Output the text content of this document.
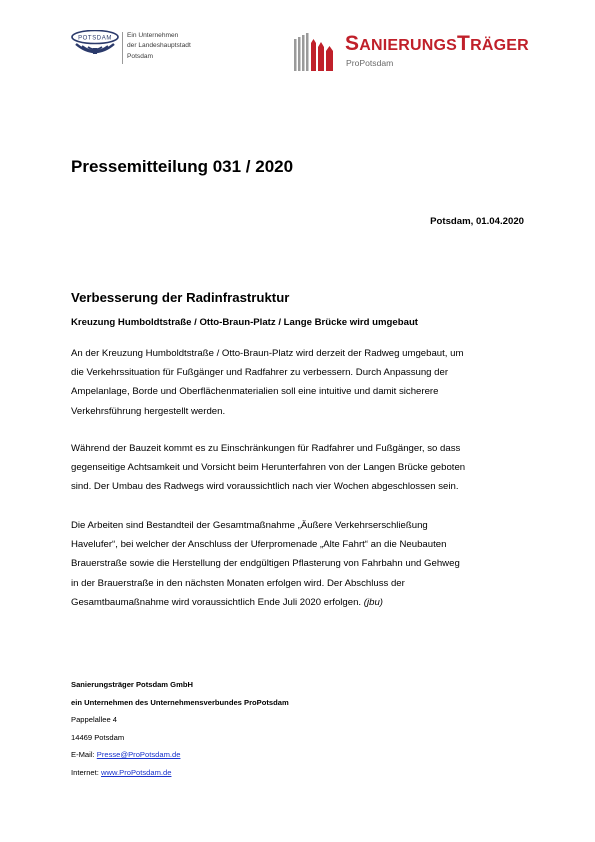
POTSDAM Ein Unternehmen
der Landeshauptstadt
Potsdam
SANIERUNGSTRÄGER
ProPotsdam
Pressemitteilung 031 / 2020
Potsdam, 01.04.2020
Verbesserung der Radinfrastruktur
Kreuzung Humboldtstraße / Otto-Braun-Platz / Lange Brücke wird umgebaut
An der Kreuzung Humboldtstraße / Otto-Braun-Platz wird derzeit der Radweg umgebaut, um
die Verkehrssituation für Fußgänger und Radfahrer zu verbessern. Durch Anpassung der
Ampelanlage, Borde und Oberflächenmaterialien soll eine intuitive und damit sicherere
Verkehrsführung hergestellt werden.
Während der Bauzeit kommt es zu Einschränkungen für Radfahrer und Fußgänger, so dass
gegenseitige Achtsamkeit und Vorsicht beim Herunterfahren von der Langen Brücke geboten
sind. Der Umbau des Radwegs wird voraussichtlich nach vier Wochen abgeschlossen sein.
Die Arbeiten sind Bestandteil der Gesamtmaßnahme „Äußere Verkehrserschließung
Havelufer“, bei welcher der Anschluss der Uferpromenade „Alte Fahrt“ an die Neubauten
Brauerstraße sowie die Herstellung der endgültigen Pflasterung von Fahrbahn und Gehweg
in der Brauerstraße in den nächsten Monaten erfolgen wird. Der Abschluss der
Gesamtbaumaßnahme wird voraussichtlich Ende Juli 2020 erfolgen. (jbu)
Sanierungsträger Potsdam GmbH
ein Unternehmen des Unternehmensverbundes ProPotsdam
Pappelallee 4
14469 Potsdam
E-Mail: Presse@ProPotsdam.de
Internet: www.ProPotsdam.de
